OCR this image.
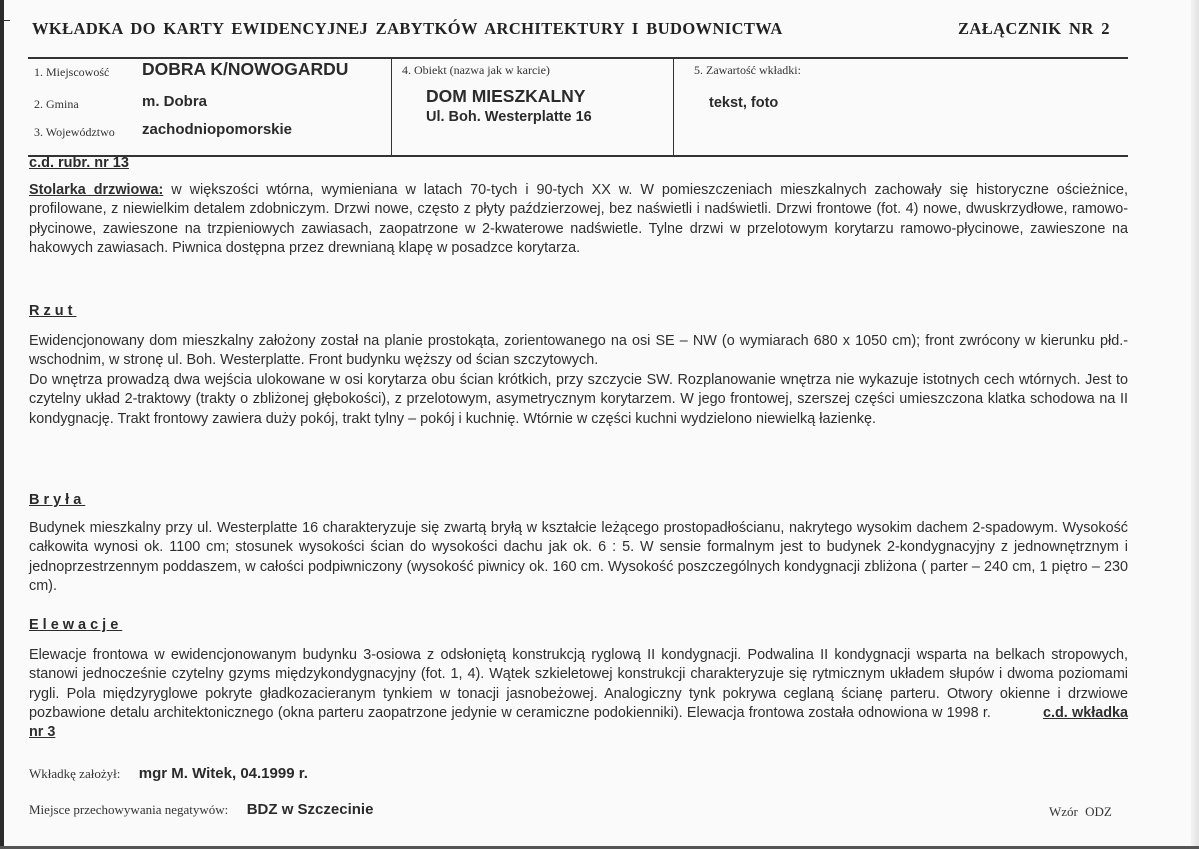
WKŁADKA DO KARTY EWIDENCYJNEJ ZABYTKÓW ARCHITEKTURY I BUDOWNICTWA	ZAŁĄCZNIK NR 2
1. Miejscowość DOBRA K/NOWOGARDU
2. Gmina	m. Dobra
3. Województwo zachodniopomorskie
4. Obiekt (nazwa jak w karcie)
DOM MIESZKALNY
Ul. Boh. Westerplatte 16
5. Zawartość wkładki:
tekst, foto
c.d. rubr. nr 13
Stolarka drzwiowa: w większości wtórna, wymieniana w latach 70-tych i 90-tych XX w. W pomieszczeniach mieszkalnych zachowały się historyczne ościeżnice, profilowane, z niewielkim detalem zdobniczym. Drzwi nowe, często z płyty paździerzowej, bez naświetli i nadświetli. Drzwi frontowe (fot. 4) nowe, dwuskrzydłowe, ramowo-płycinowe, zawieszone na trzpieniowych zawiasach, zaopatrzone w 2-kwaterowe nadświetle. Tylne drzwi w przelotowym korytarzu ramowo-płycinowe, zawieszone na hakowych zawiasach. Piwnica dostępna przez drewnianą klapę w posadzce korytarza.
Rzut
Ewidencjonowany dom mieszkalny założony został na planie prostokąta, zorientowanego na osi SE – NW (o wymiarach 680 x 1050 cm); front zwrócony w kierunku płd.-wschodnim, w stronę ul. Boh. Westerplatte. Front budynku węższy od ścian szczytowych.
Do wnętrza prowadzą dwa wejścia ulokowane w osi korytarza obu ścian krótkich, przy szczycie SW. Rozplanowanie wnętrza nie wykazuje istotnych cech wtórnych. Jest to czytelny układ 2-traktowy (trakty o zbliżonej głębokości), z przelotowym, asymetrycznym korytarzem. W jego frontowej, szerszej części umieszczona klatka schodowa na II kondygnację. Trakt frontowy zawiera duży pokój, trakt tylny – pokój i kuchnię. Wtórnie w części kuchni wydzielono niewielką łazienkę.
Bryła
Budynek mieszkalny przy ul. Westerplatte 16 charakteryzuje się zwartą bryłą w kształcie leżącego prostopadłościanu, nakrytego wysokim dachem 2-spadowym. Wysokość całkowita wynosi ok. 1100 cm; stosunek wysokości ścian do wysokości dachu jak ok. 6 : 5. W sensie formalnym jest to budynek 2-kondygnacyjny z jednownętrznym i jednoprzestrzennym poddaszem, w całości podpiwniczony (wysokość piwnicy ok. 160 cm. Wysokość poszczególnych kondygnacji zbliżona ( parter – 240 cm, 1 piętro – 230 cm).
Elewacje
Elewacje frontowa w ewidencjonowanym budynku 3-osiowa z odsłoniętą konstrukcją ryglową II kondygnacji. Podwalina II kondygnacji wsparta na belkach stropowych, stanowi jednocześnie czytelny gzyms międzykondygnacyjny (fot. 1, 4). Wątek szkieletowej konstrukcji charakteryzuje się rytmicznym układem słupów i dwoma poziomami rygli. Pola międzyryglowe pokryte gładkozacieranym tynkiem w tonacji jasnobeżowej. Analogiczny tynk pokrywa ceglaną ścianę parteru. Otwory okienne i drzwiowe pozbawione detalu architektonicznego (okna parteru zaopatrzone jedynie w ceramiczne podokienniki). Elewacja frontowa została odnowiona w 1998 r.	c.d. wkładka nr 3
Wkładkę założył: mgr M. Witek, 04.1999 r.
Miejsce przechowywania negatywów: BDZ w Szczecinie	Wzór ODZ
